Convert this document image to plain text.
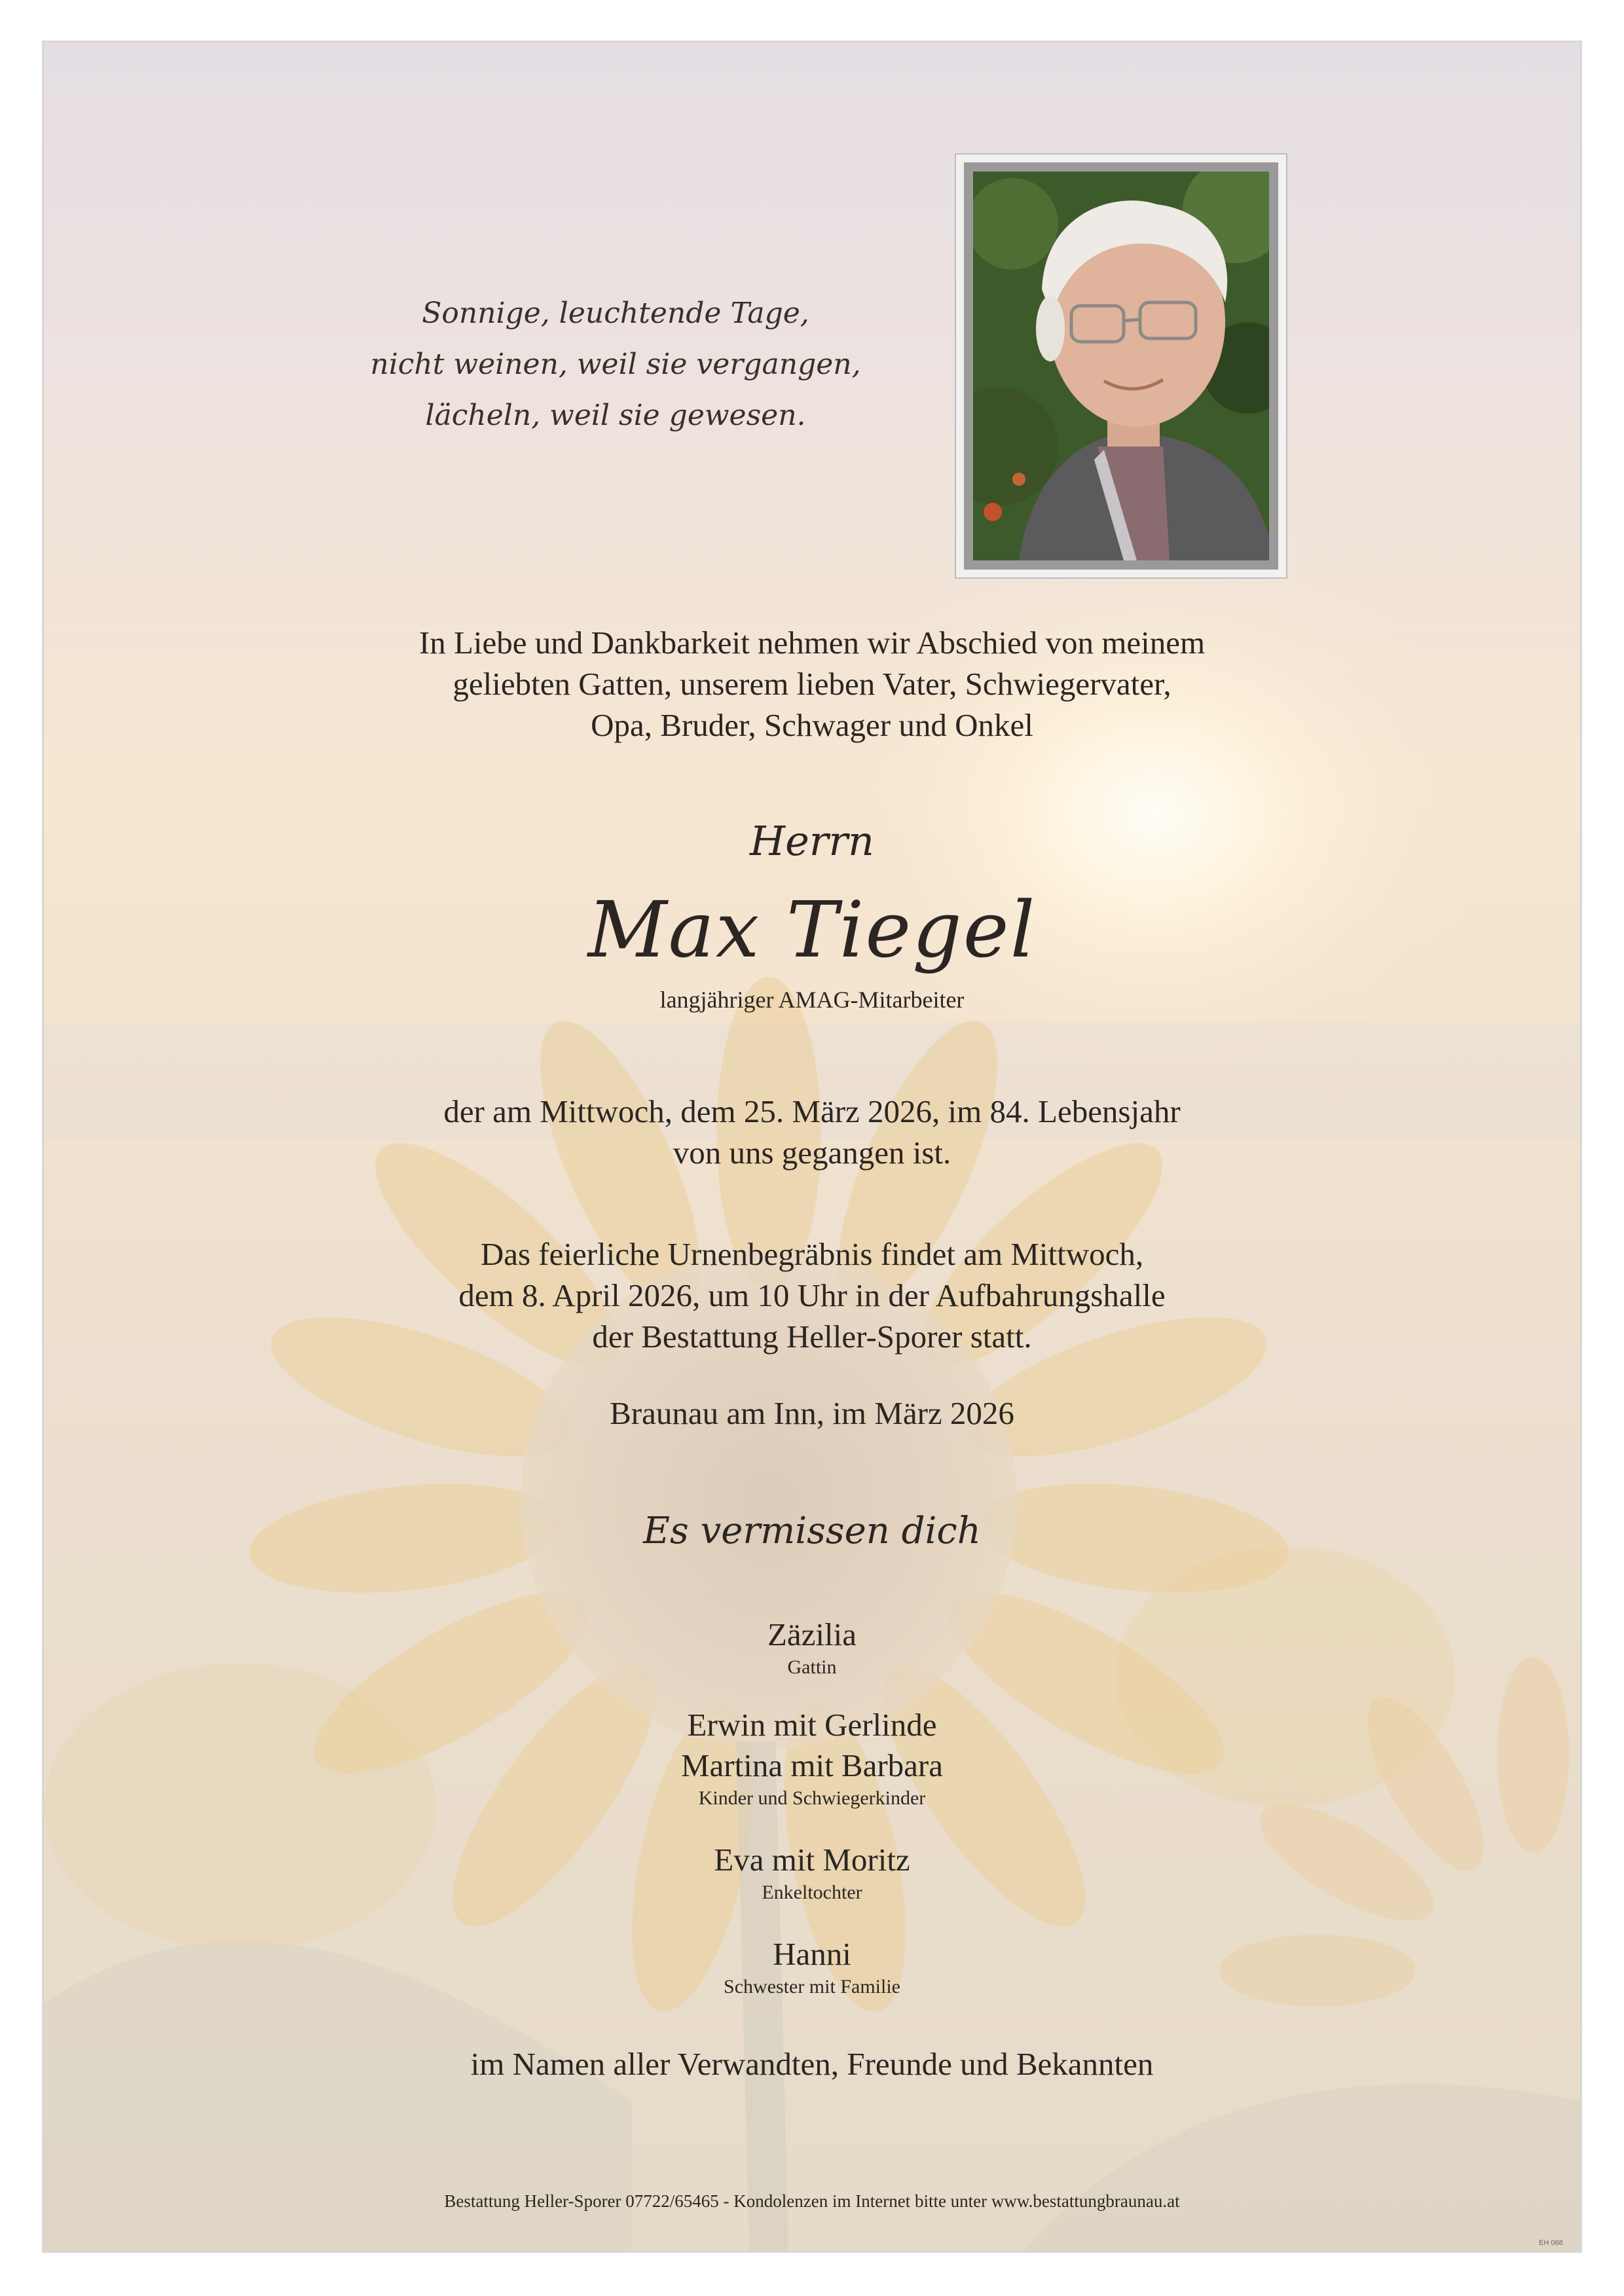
Sonnige, leuchtende Tage,
nicht weinen, weil sie vergangen,
lächeln, weil sie gewesen.
In Liebe und Dankbarkeit nehmen wir Abschied von meinem
geliebten Gatten, unserem lieben Vater, Schwiegervater,
Opa, Bruder, Schwager und Onkel
Herrn
Max Tiegel
langjähriger AMAG-Mitarbeiter
der am Mittwoch, dem 25. März 2026, im 84. Lebensjahr
von uns gegangen ist.
Das feierliche Urnenbegräbnis findet am Mittwoch,
dem 8. April 2026, um 10 Uhr in der Aufbahrungshalle
der Bestattung Heller-Sporer statt.
Braunau am Inn, im März 2026
Es vermissen dich
Zäzilia
Gattin
Erwin mit Gerlinde
Martina mit Barbara
Kinder und Schwiegerkinder
Eva mit Moritz
Enkeltochter
Hanni
Schwester mit Familie
im Namen aller Verwandten, Freunde und Bekannten
Bestattung Heller-Sporer 07722/65465 - Kondolenzen im Internet bitte unter www.bestattungbraunau.at
EH 068
